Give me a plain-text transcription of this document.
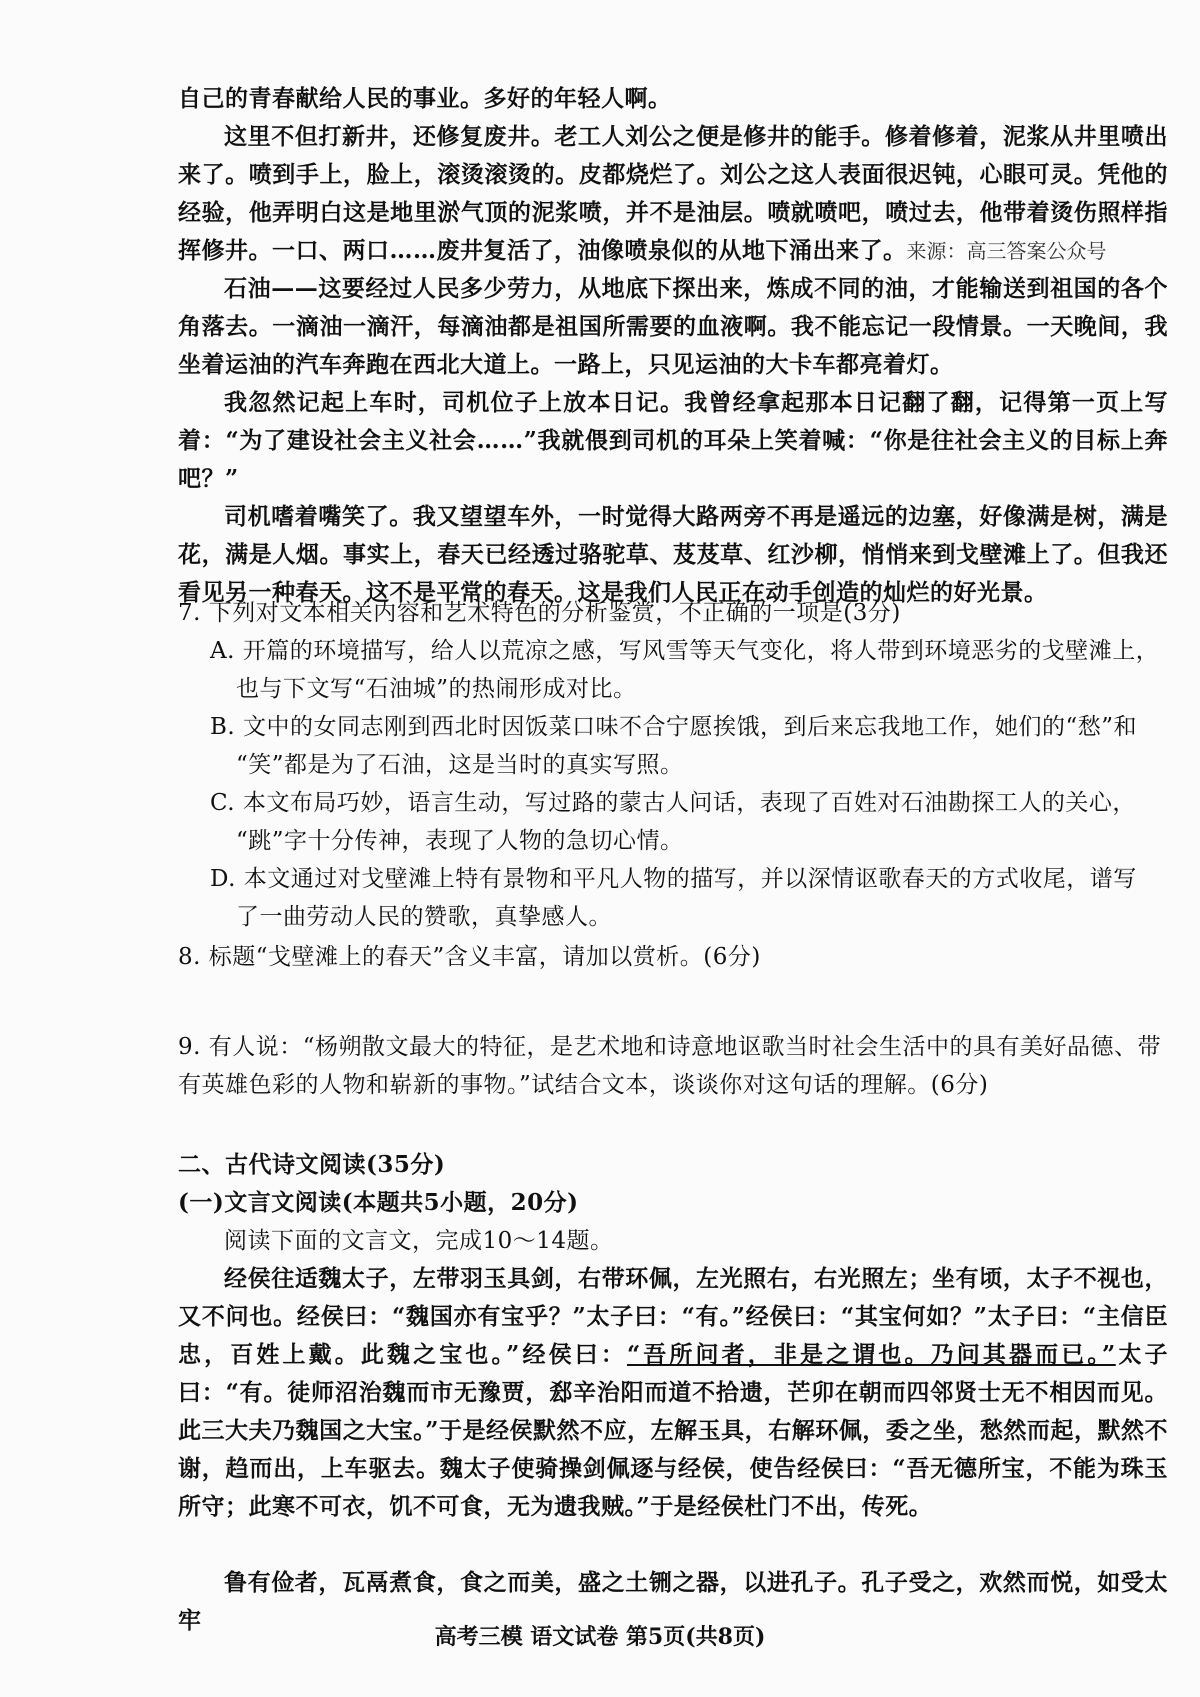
自己的青春献给人民的事业。多好的年轻人啊。

这里不但打新井，还修复废井。老工人刘公之便是修井的能手。修着修着，泥浆从井里喷出来了。喷到手上，脸上，滚烫滚烫的。皮都烧烂了。刘公之这人表面很迟钝，心眼可灵。凭他的经验，他弄明白这是地里淤气顶的泥浆喷，并不是油层。喷就喷吧，喷过去，他带着烫伤照样指挥修井。一口、两口……废井复活了，油像喷泉似的从地下涌出来了。来源：高三答案公众号

石油——这要经过人民多少劳力，从地底下探出来，炼成不同的油，才能输送到祖国的各个角落去。一滴油一滴汗，每滴油都是祖国所需要的血液啊。我不能忘记一段情景。一天晚间，我坐着运油的汽车奔跑在西北大道上。一路上，只见运油的大卡车都亮着灯。

我忽然记起上车时，司机位子上放本日记。我曾经拿起那本日记翻了翻，记得第一页上写着：“为了建设社会主义社会……”我就偎到司机的耳朵上笑着喊：“你是往社会主义的目标上奔吧？”

司机嗜着嘴笑了。我又望望车外，一时觉得大路两旁不再是遥远的边塞，好像满是树，满是花，满是人烟。事实上，春天已经透过骆驼草、芨芨草、红沙柳，悄悄来到戈壁滩上了。但我还看见另一种春天。这不是平常的春天。这是我们人民正在动手创造的灿烂的好光景。

7. 下列对文本相关内容和艺术特色的分析鉴赏，不正确的一项是(3分)

A. 开篇的环境描写，给人以荒凉之感，写风雪等天气变化，将人带到环境恶劣的戈壁滩上，
也与下文写“石油城”的热闹形成对比。

B. 文中的女同志刚到西北时因饭菜口味不合宁愿挨饿，到后来忘我地工作，她们的“愁”和
“笑”都是为了石油，这是当时的真实写照。

C. 本文布局巧妙，语言生动，写过路的蒙古人问话，表现了百姓对石油勘探工人的关心，
“跳”字十分传神，表现了人物的急切心情。

D. 本文通过对戈壁滩上特有景物和平凡人物的描写，并以深情讴歌春天的方式收尾，谱写
了一曲劳动人民的赞歌，真挚感人。

8. 标题“戈壁滩上的春天”含义丰富，请加以赏析。(6分)

9. 有人说：“杨朔散文最大的特征，是艺术地和诗意地讴歌当时社会生活中的具有美好品德、带有英雄色彩的人物和崭新的事物。”试结合文本，谈谈你对这句话的理解。(6分)

二、古代诗文阅读(35分)

(一)文言文阅读(本题共5小题，20分)

阅读下面的文言文，完成10～14题。

经侯往适魏太子，左带羽玉具剑，右带环佩，左光照右，右光照左；坐有顷，太子不视也，又不问也。经侯曰：“魏国亦有宝乎？”太子曰：“有。”经侯曰：“其宝何如？”太子曰：“主信臣忠，百姓上戴。此魏之宝也。”经侯曰：“吾所问者，非是之谓也。乃问其器而已。”太子曰：“有。徒师沼治魏而市无豫贾，郄辛治阳而道不拾遗，芒卯在朝而四邻贤士无不相因而见。此三大夫乃魏国之大宝。”于是经侯默然不应，左解玉具，右解环佩，委之坐，愁然而起，默然不谢，趋而出，上车驱去。魏太子使骑操剑佩逐与经侯，使告经侯曰：“吾无德所宝，不能为珠玉所守；此寒不可衣，饥不可食，无为遗我贼。”于是经侯杜门不出，传死。

鲁有俭者，瓦鬲煮食，食之而美，盛之土铏之器，以进孔子。孔子受之，欢然而悦，如受太牢

高考三模 语文试卷 第5页(共8页)
